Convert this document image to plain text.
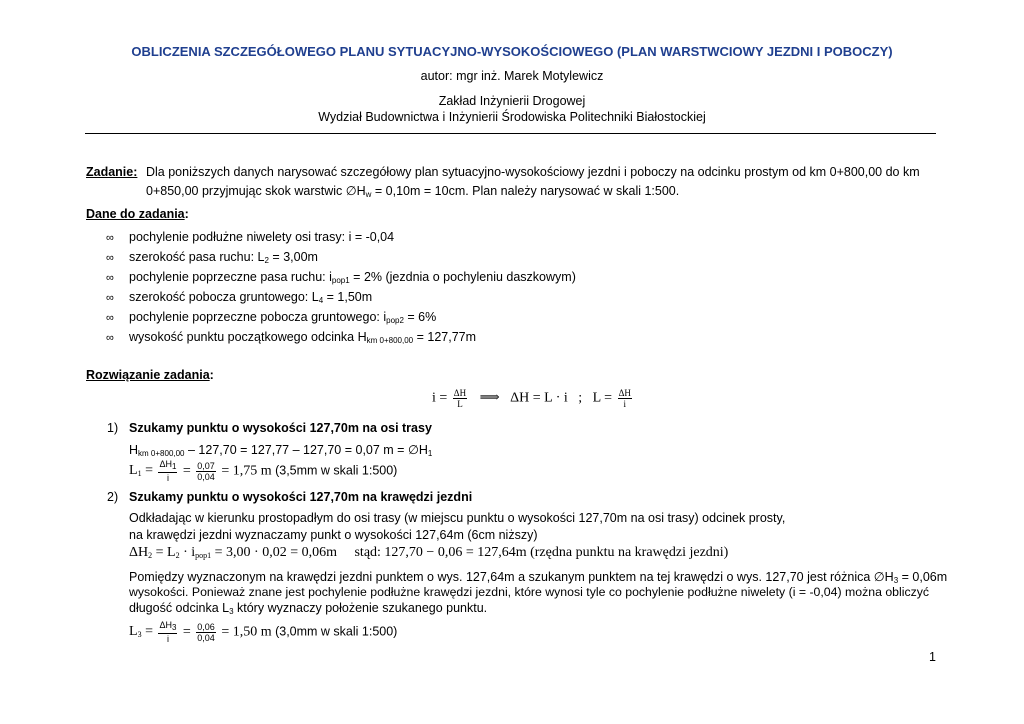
OBLICZENIA SZCZEGÓŁOWEGO PLANU SYTUACYJNO-WYSOKOŚCIOWEGO (PLAN WARSTWCIOWY JEZDNI I POBOCZY)
autor: mgr inż. Marek Motylewicz
Zakład Inżynierii Drogowej
Wydział Budownictwa i Inżynierii Środowiska Politechniki Białostockiej
Zadanie: Dla poniższych danych narysować szczegółowy plan sytuacyjno-wysokościowy jezdni i poboczy na odcinku prostym od km 0+800,00 do km
0+850,00 przyjmując skok warstwic $\emptyset H_w = 0,10m = 10cm$. Plan należy narysować w skali 1:500.
Dane do zadania:
∞ pochylenie podłużne niwelety osi trasy: i = -0,04
∞ szerokość pasa ruchu: $L_2 = 3,00m$
∞ pochylenie poprzeczne pasa ruchu: $i_{pop1} = 2\%$ (jezdnia o pochyleniu daszkowym)
∞ szerokość pobocza gruntowego: $L_4 = 1,50m$
∞ pochylenie poprzeczne pobocza gruntowego: $i_{pop2} = 6\%$
∞ wysokość punktu początkowego odcinka $H_{km 0+800,00} = 127,77m$
Rozwiązanie zadania:
$i = \frac{\Delta H}{L}$ ⟹ ΔH = L · i   ;   $L = \frac{\Delta H}{i}$
1) Szukamy punktu o wysokości 127,70m na osi trasy
$H_{km 0+800,00} - 127,70 = 127,77 - 127,70 = 0,07$ $m = \emptyset H_1$
$L_1 = \frac{\Delta H_1}{i} = \frac{0,07}{0,04} = 1,75$ m (3,5mm w skali 1:500)
2) Szukamy punktu o wysokości 127,70m na krawędzi jezdni
Odkładając w kierunku prostopadłym do osi trasy (w miejscu punktu o wysokości 127,70m na osi trasy) odcinek prosty,
na krawędzi jezdni wyznaczamy punkt o wysokości 127,64m (6cm niższy)
$\Delta H_2 = L_2 \cdot i_{pop1} = 3,00 \cdot 0,02 = 0,06m$     stąd: 127,70 − 0,06 = 127,64m (rzędna punktu na krawędzi jezdni)
Pomiędzy wyznaczonym na krawędzi jezdni punktem o wys. 127,64m a szukanym punktem na tej krawędzi o wys. 127,70 jest różnica $\emptyset H_3 = 0,06m$
wysokości. Ponieważ znane jest pochylenie podłużne krawędzi jezdni, które wynosi tyle co pochylenie podłużne niwelety (i = -0,04) można obliczyć
długość odcinka $L_3$ który wyznaczy położenie szukanego punktu.
$L_3 = \frac{\Delta H_3}{i} = \frac{0,06}{0,04} = 1,50$ m (3,0mm w skali 1:500)
1
